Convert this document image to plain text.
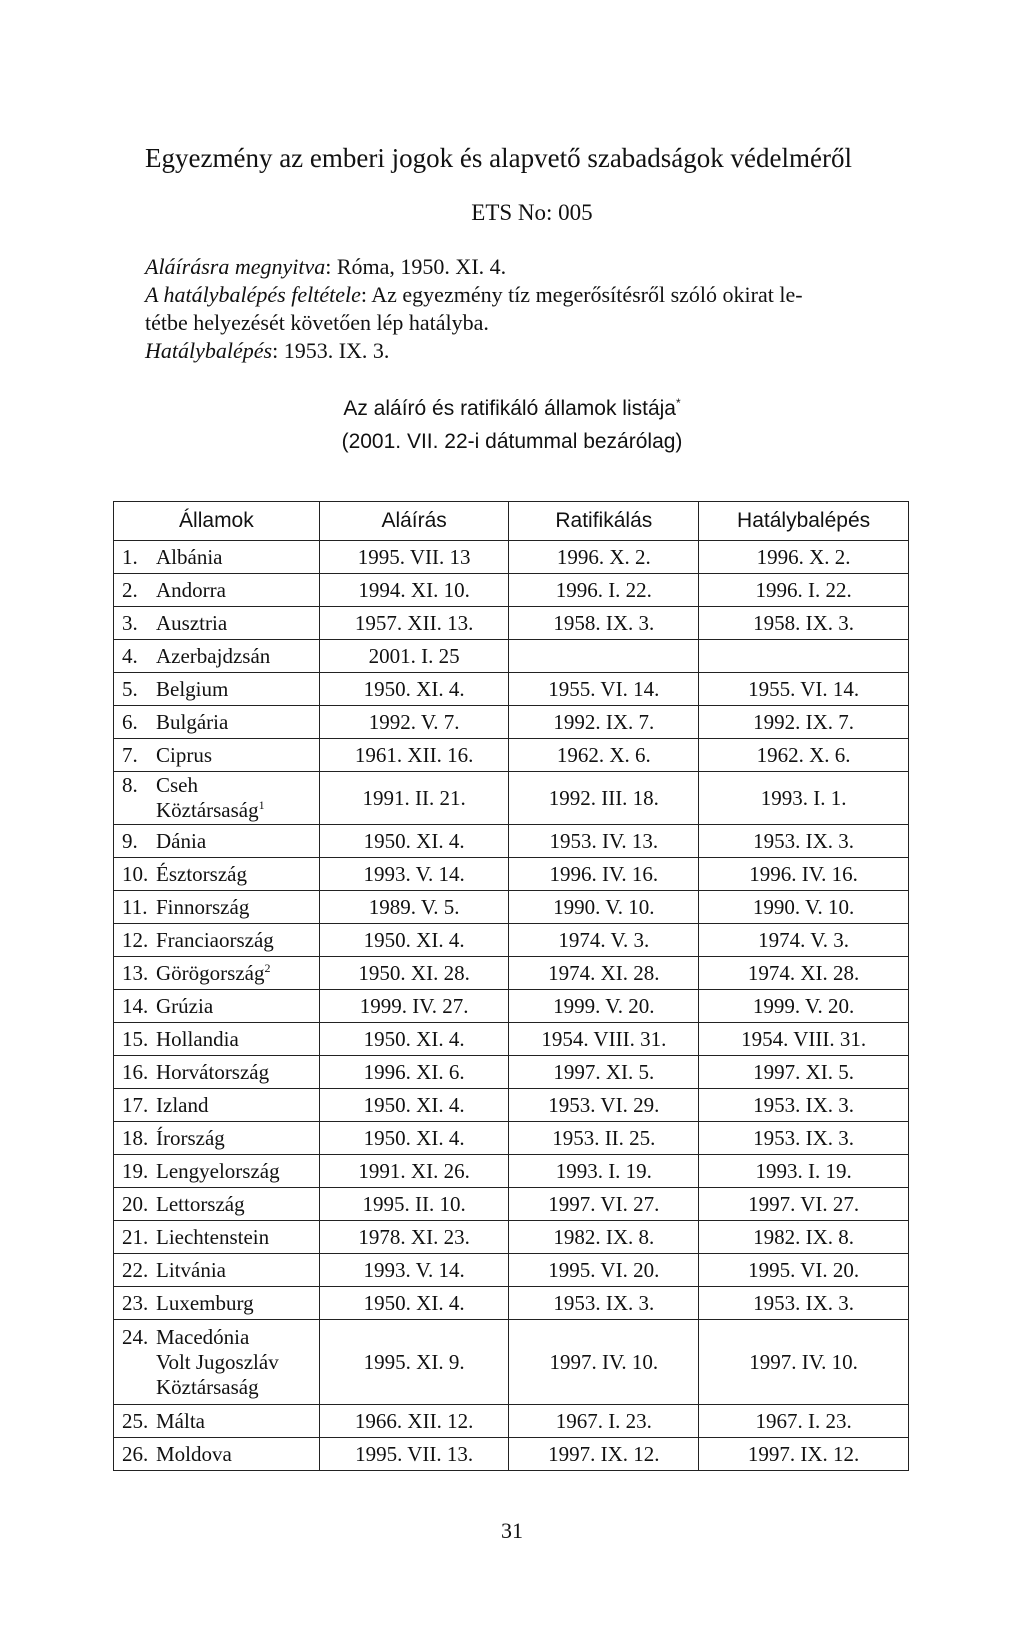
Egyezmény az emberi jogok és alapvető szabadságok védelméről
ETS No: 005
Aláírásra megnyitva: Róma, 1950. XI. 4.
A hatálybalépés feltétele: Az egyezmény tíz megerősítésről szóló okirat le-
tétbe helyezését követően lép hatályba.
Hatálybalépés: 1953. IX. 3.
Az aláíró és ratifikáló államok listája*
(2001. VII. 22-i dátummal bezárólag)
Államok	Aláírás	Ratifikálás	Hatálybalépés
1. Albánia	1995. VII. 13	1996. X. 2.	1996. X. 2.
2. Andorra	1994. XI. 10.	1996. I. 22.	1996. I. 22.
3. Ausztria	1957. XII. 13.	1958. IX. 3.	1958. IX. 3.
4. Azerbajdzsán	2001. I. 25		
5. Belgium	1950. XI. 4.	1955. VI. 14.	1955. VI. 14.
6. Bulgária	1992. V. 7.	1992. IX. 7.	1992. IX. 7.
7. Ciprus	1961. XII. 16.	1962. X. 6.	1962. X. 6.
8. Cseh
Köztársaság$^1$	1991. II. 21.	1992. III. 18.	1993. I. 1.
9. Dánia	1950. XI. 4.	1953. IV. 13.	1953. IX. 3.
10. Észtország	1993. V. 14.	1996. IV. 16.	1996. IV. 16.
11. Finnország	1989. V. 5.	1990. V. 10.	1990. V. 10.
12. Franciaország	1950. XI. 4.	1974. V. 3.	1974. V. 3.
13. Görögország$^2$	1950. XI. 28.	1974. XI. 28.	1974. XI. 28.
14. Grúzia	1999. IV. 27.	1999. V. 20.	1999. V. 20.
15. Hollandia	1950. XI. 4.	1954. VIII. 31.	1954. VIII. 31.
16. Horvátország	1996. XI. 6.	1997. XI. 5.	1997. XI. 5.
17. Izland	1950. XI. 4.	1953. VI. 29.	1953. IX. 3.
18. Írország	1950. XI. 4.	1953. II. 25.	1953. IX. 3.
19. Lengyelország	1991. XI. 26.	1993. I. 19.	1993. I. 19.
20. Lettország	1995. II. 10.	1997. VI. 27.	1997. VI. 27.
21. Liechtenstein	1978. XI. 23.	1982. IX. 8.	1982. IX. 8.
22. Litvánia	1993. V. 14.	1995. VI. 20.	1995. VI. 20.
23. Luxemburg	1950. XI. 4.	1953. IX. 3.	1953. IX. 3.
24. Macedónia
Volt Jugoszláv
Köztársaság	1995. XI. 9.	1997. IV. 10.	1997. IV. 10.
25. Málta	1966. XII. 12.	1967. I. 23.	1967. I. 23.
26. Moldova	1995. VII. 13.	1997. IX. 12.	1997. IX. 12.
31
